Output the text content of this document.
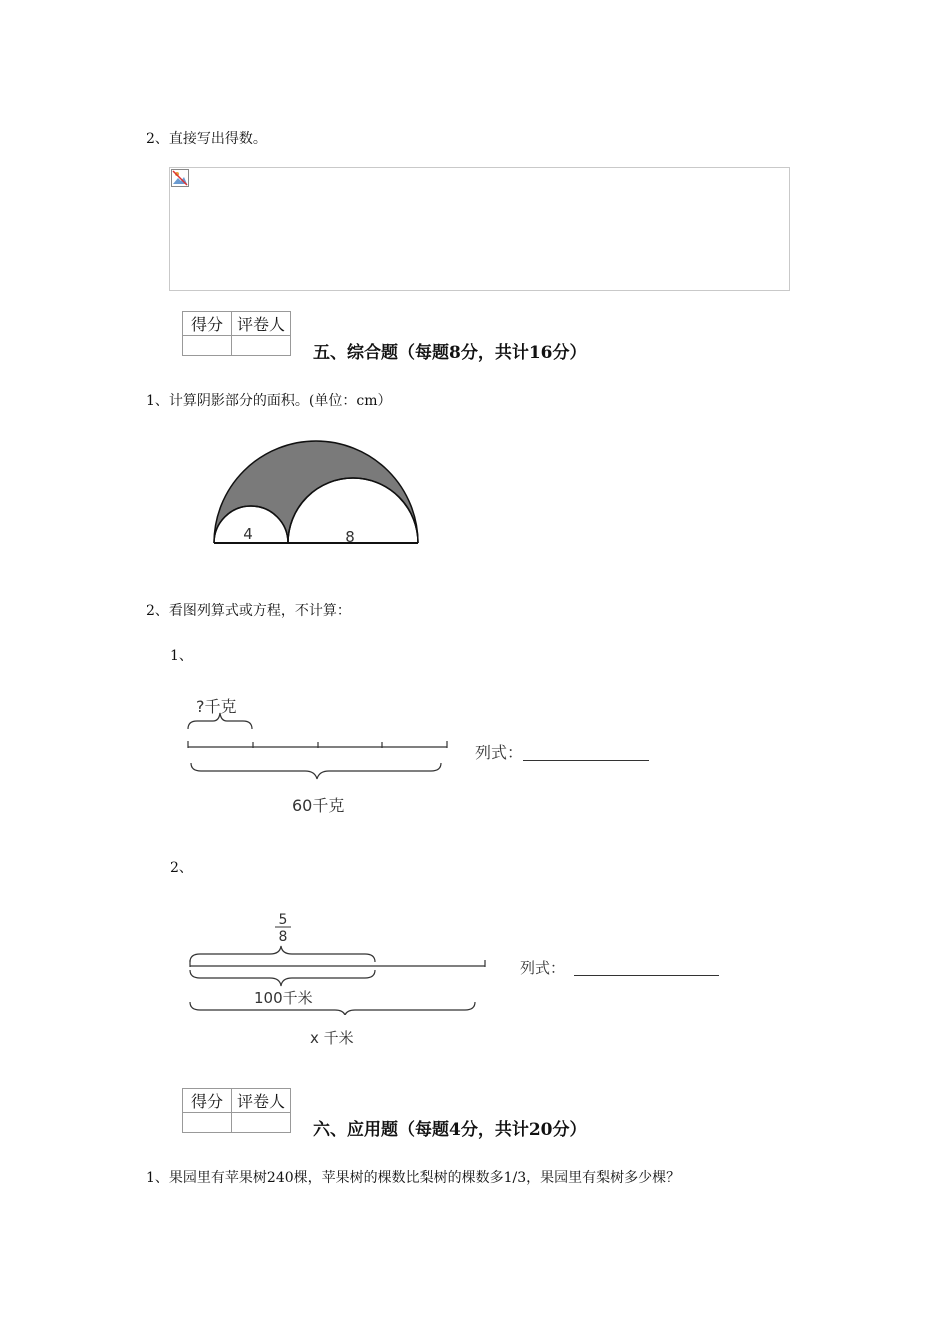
2、直接写出得数。
得分	评卷人

五、综合题（每题8分，共计16分）
1、计算阴影部分的面积。(单位：cm）
4	8
2、看图列算式或方程，不计算：
1、
?千克
60千克
列式：
2、
5
8
100千米
x 千米
列式：
得分	评卷人

六、应用题（每题4分，共计20分）
1、果园里有苹果树240棵，苹果树的棵数比梨树的棵数多1/3，果园里有梨树多少棵？
